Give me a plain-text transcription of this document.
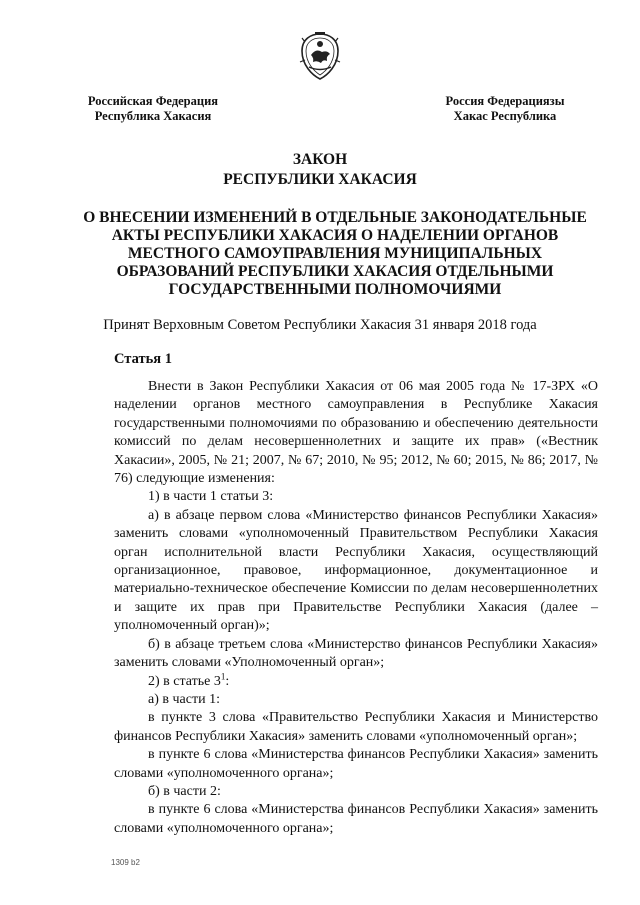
Российская Федерация
Республика Хакасия
Россия Федерациязы
Хакас Республика
ЗАКОН
РЕСПУБЛИКИ ХАКАСИЯ
О ВНЕСЕНИИ ИЗМЕНЕНИЙ В ОТДЕЛЬНЫЕ ЗАКОНОДАТЕЛЬНЫЕ АКТЫ РЕСПУБЛИКИ ХАКАСИЯ О НАДЕЛЕНИИ ОРГАНОВ МЕСТНОГО САМОУПРАВЛЕНИЯ МУНИЦИПАЛЬНЫХ ОБРАЗОВАНИЙ РЕСПУБЛИКИ ХАКАСИЯ ОТДЕЛЬНЫМИ ГОСУДАРСТВЕННЫМИ ПОЛНОМОЧИЯМИ
Принят Верховным Советом Республики Хакасия 31 января 2018 года
Статья 1

Внести в Закон Республики Хакасия от 06 мая 2005 года № 17-ЗРХ «О наделении органов местного самоуправления в Республике Хакасия государственными полномочиями по образованию и обеспечению деятельности комиссий по делам несовершеннолетних и защите их прав» («Вестник Хакасии», 2005, № 21; 2007, № 67; 2010, № 95; 2012, № 60; 2015, № 86; 2017, № 76) следующие изменения:

1) в части 1 статьи 3:

а) в абзаце первом слова «Министерство финансов Республики Хакасия» заменить словами «уполномоченный Правительством Республики Хакасия орган исполнительной власти Республики Хакасия, осуществляющий организационное, правовое, информационное, документационное и материально-техническое обеспечение Комиссии по делам несовершеннолетних и защите их прав при Правительстве Республики Хакасия (далее – уполномоченный орган)»;

б) в абзаце третьем слова «Министерство финансов Республики Хакасия» заменить словами «Уполномоченный орган»;

2) в статье $3^1$:

а) в части 1:

в пункте 3 слова «Правительство Республики Хакасия и Министерство финансов Республики Хакасия» заменить словами «уполномоченный орган»;

в пункте 6 слова «Министерства финансов Республики Хакасия» заменить словами «уполномоченного органа»;

б) в части 2:

в пункте 6 слова «Министерства финансов Республики Хакасия» заменить словами «уполномоченного органа»;

1309 b2
